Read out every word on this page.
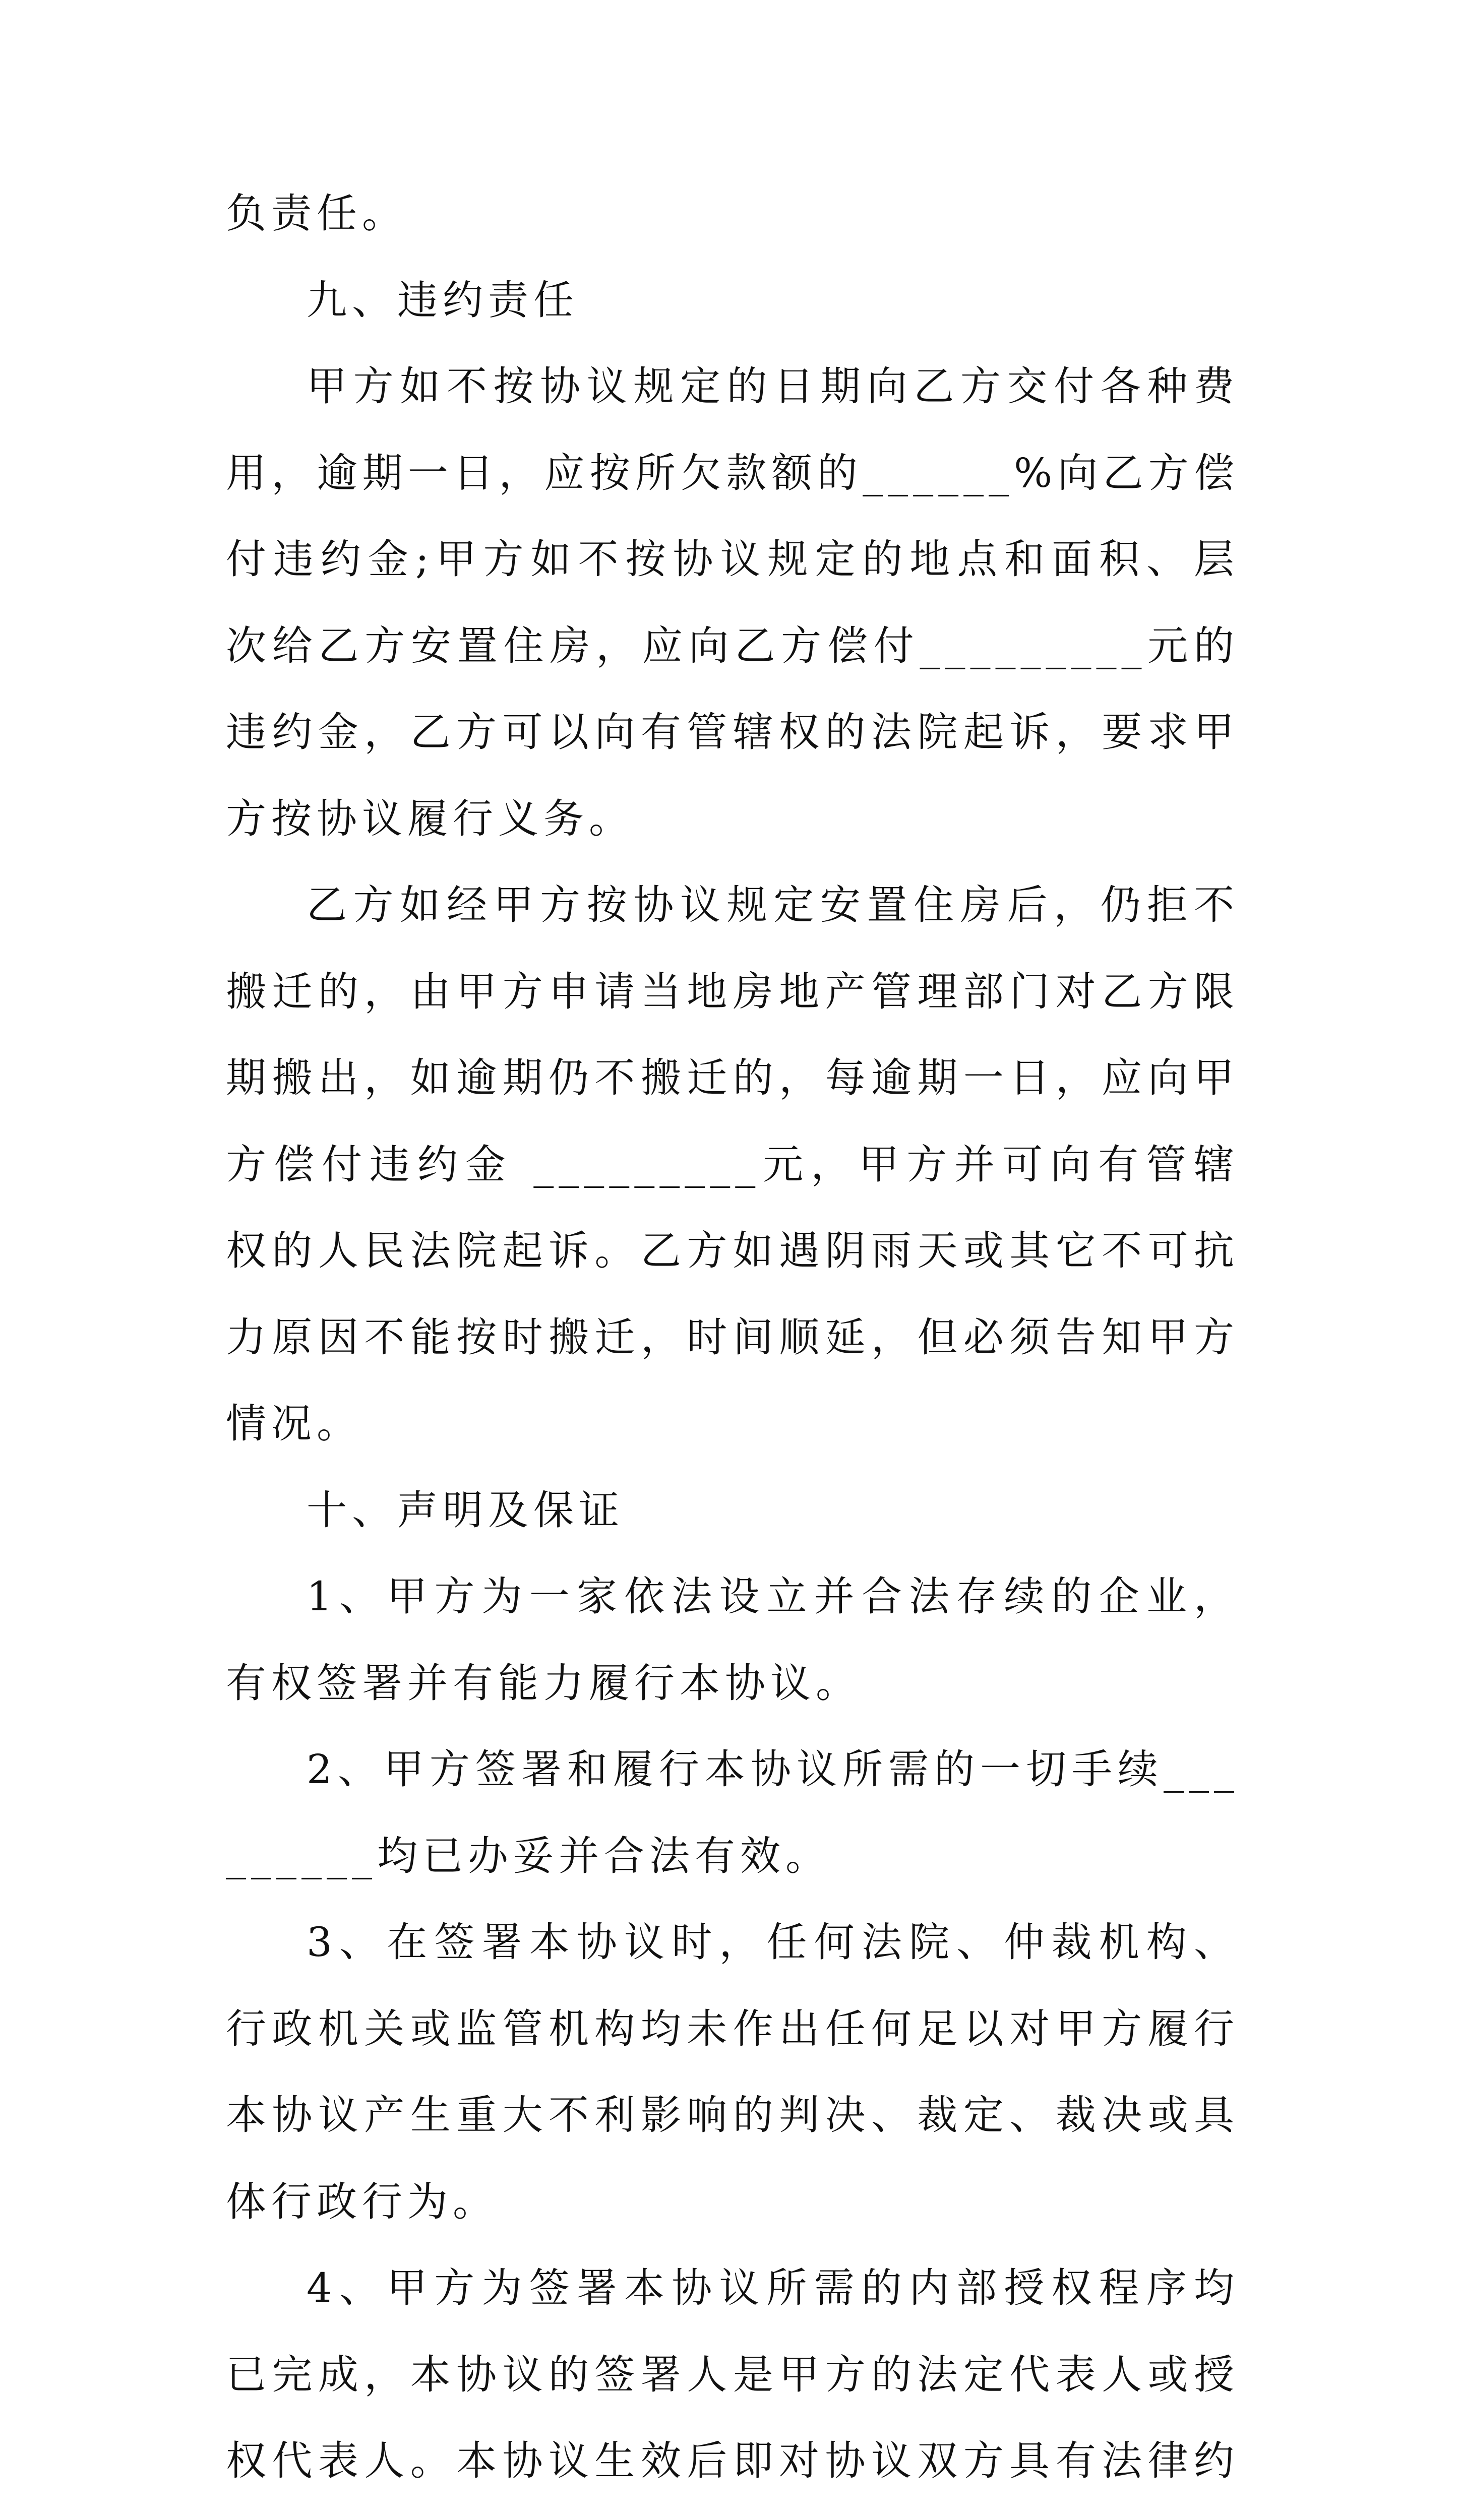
负责任。

九、违约责任

甲方如不按协议规定的日期向乙方交付各种费用，逾期一日，应按所欠款额的______%向乙方偿付违约金;甲方如不按协议规定的地点和面积、层次给乙方安置住房，应向乙方偿付_________元的违约金，乙方可以向有管辖权的法院起诉，要求甲方按协议履行义务。

乙方如经甲方按协议规定安置住房后，仍拒不搬迁的，由甲方申请当地房地产管理部门对乙方限期搬出，如逾期仍不搬迁的，每逾期一日，应向甲方偿付违约金 _________元，甲方并可向有管辖权的人民法院起诉。乙方如遇阴雨天或其它不可抗力原因不能按时搬迁，时间顺延，但必须告知甲方情况。

十、声明及保证

1、甲方为一家依法设立并合法存续的企业，有权签署并有能力履行本协议。

2、甲方签署和履行本协议所需的一切手续_________均已办妥并合法有效。

3、在签署本协议时，任何法院、仲裁机构、行政机关或监管机构均未作出任何足以对甲方履行本协议产生重大不利影响的判决、裁定、裁决或具体行政行为。

4、甲方为签署本协议所需的内部授权程序均已完成，本协议的签署人是甲方的法定代表人或授权代表人。本协议生效后即对协议双方具有法律约
